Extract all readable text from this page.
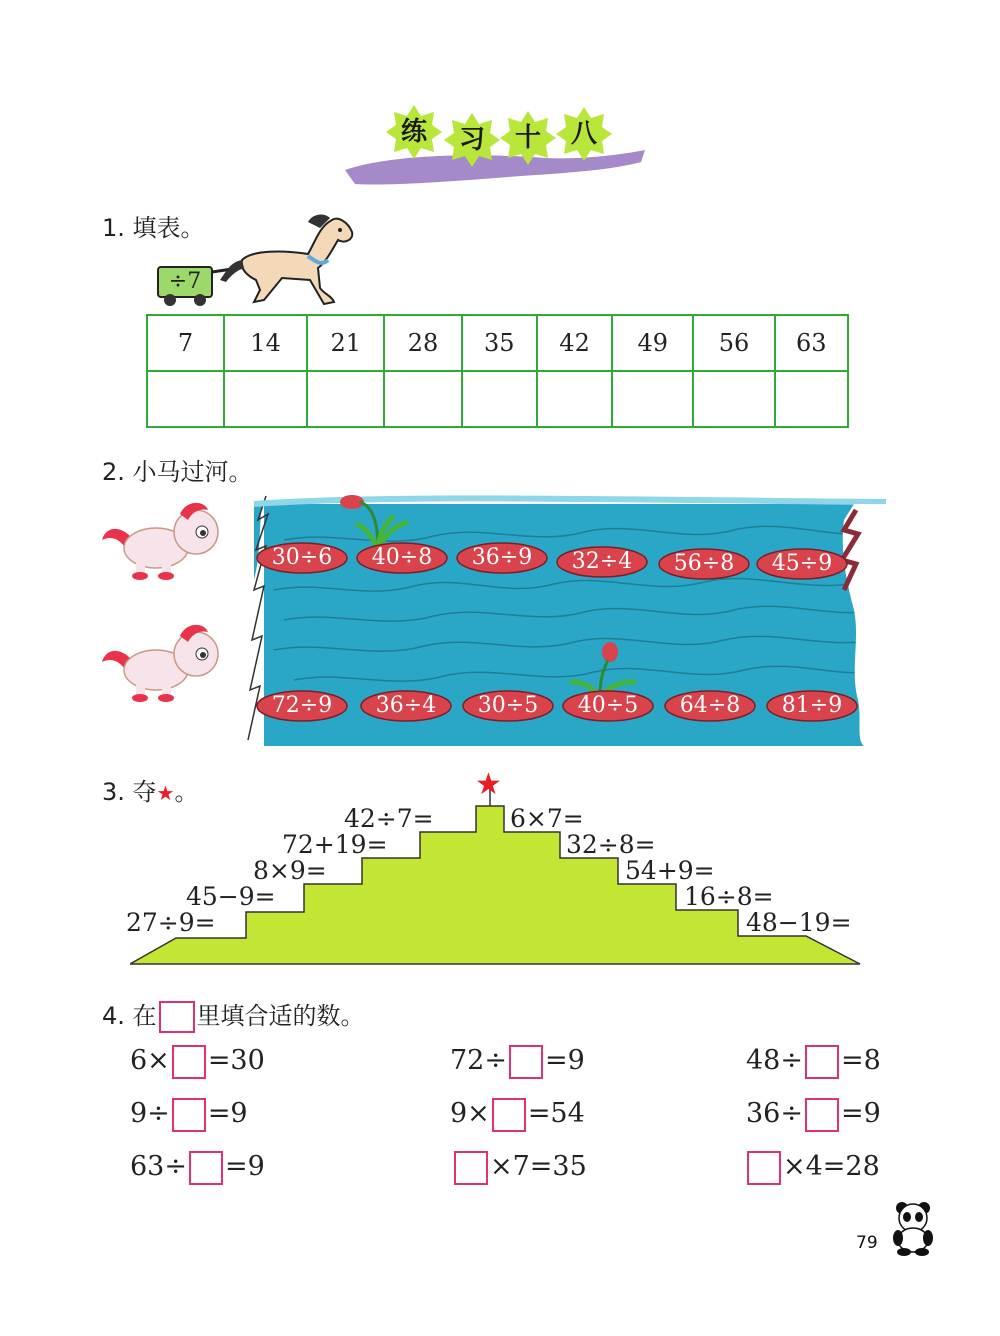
练	习	十	八
1. 填表。
÷7
7	14	21	28	35	42	49	56	63

2. 小马过河。
30÷6	40÷8	36÷9	32÷4	56÷8	45÷9
72÷9	36÷4	30÷5	40÷5	64÷8	81÷9
3. 夺★。	★
27÷9=
45−9=
8×9=
72+19=
42÷7=	6×7=
32÷8=
54+9=
16÷8=
48−19=
4. 在 里填合适的数。
6× =30	72÷ =9	48÷ =8
9÷ =9	9× =54	36÷ =9
63÷ =9	×7=35	×4=28
79
